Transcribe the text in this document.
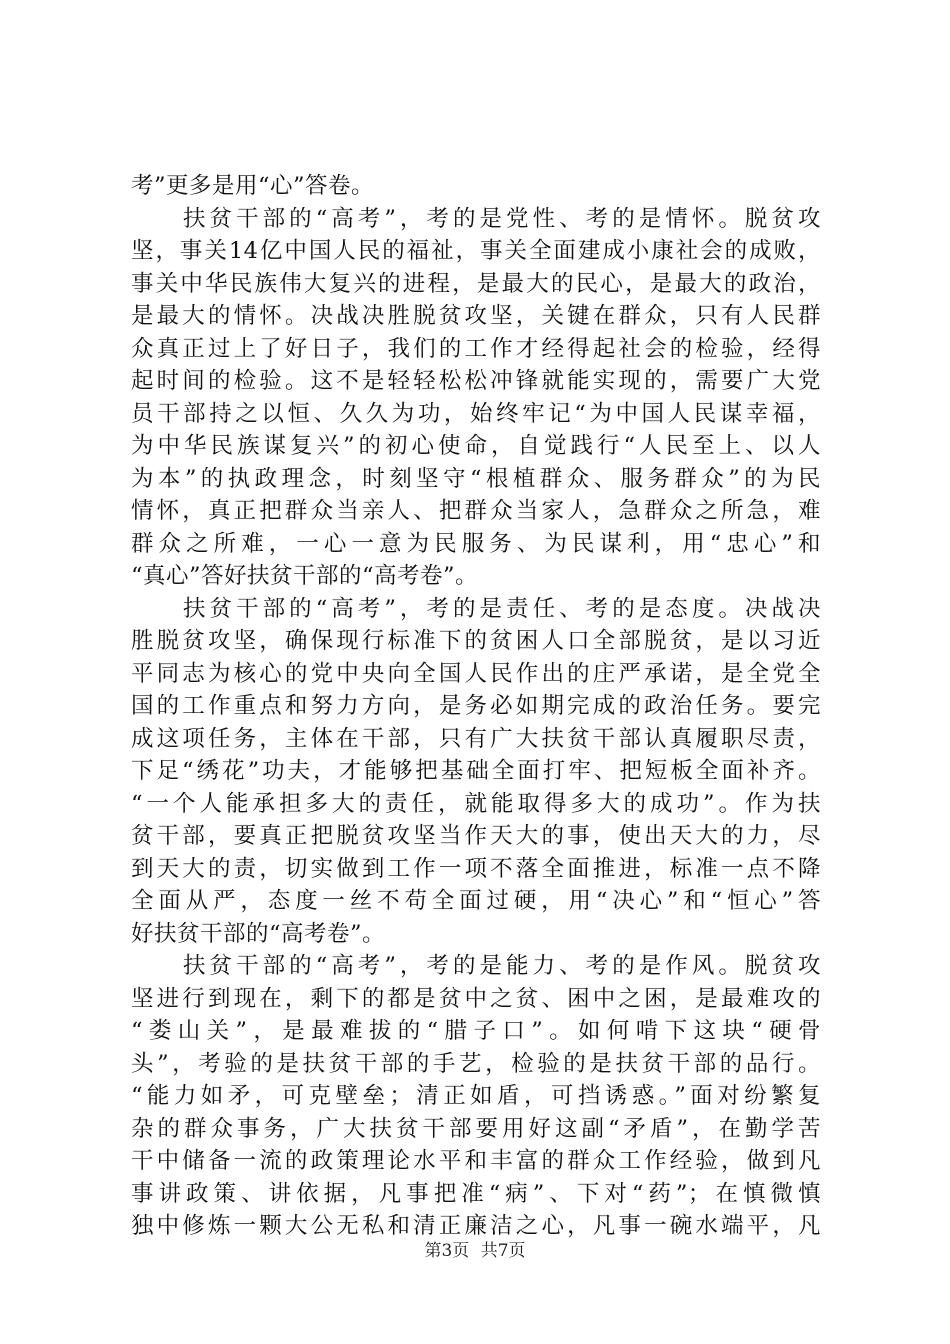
考”更多是用“心”答卷。
扶贫干部的“高考”，考的是党性、考的是情怀。脱贫攻
坚，事关14亿中国人民的福祉，事关全面建成小康社会的成败，
事关中华民族伟大复兴的进程，是最大的民心，是最大的政治，
是最大的情怀。决战决胜脱贫攻坚，关键在群众，只有人民群
众真正过上了好日子，我们的工作才经得起社会的检验，经得
起时间的检验。这不是轻轻松松冲锋就能实现的，需要广大党
员干部持之以恒、久久为功，始终牢记“为中国人民谋幸福，
为中华民族谋复兴”的初心使命，自觉践行“人民至上、以人
为本”的执政理念，时刻坚守“根植群众、服务群众”的为民
情怀，真正把群众当亲人、把群众当家人，急群众之所急，难
群众之所难，一心一意为民服务、为民谋利，用“忠心”和
“真心”答好扶贫干部的“高考卷”。
扶贫干部的“高考”，考的是责任、考的是态度。决战决
胜脱贫攻坚，确保现行标准下的贫困人口全部脱贫，是以习近
平同志为核心的党中央向全国人民作出的庄严承诺，是全党全
国的工作重点和努力方向，是务必如期完成的政治任务。要完
成这项任务，主体在干部，只有广大扶贫干部认真履职尽责，
下足“绣花”功夫，才能够把基础全面打牢、把短板全面补齐。
“一个人能承担多大的责任，就能取得多大的成功”。作为扶
贫干部，要真正把脱贫攻坚当作天大的事，使出天大的力，尽
到天大的责，切实做到工作一项不落全面推进，标准一点不降
全面从严，态度一丝不苟全面过硬，用“决心”和“恒心”答
好扶贫干部的“高考卷”。
扶贫干部的“高考”，考的是能力、考的是作风。脱贫攻
坚进行到现在，剩下的都是贫中之贫、困中之困，是最难攻的
“娄山关”，是最难拔的“腊子口”。如何啃下这块“硬骨
头”，考验的是扶贫干部的手艺，检验的是扶贫干部的品行。
“能力如矛，可克壁垒；清正如盾，可挡诱惑。”面对纷繁复
杂的群众事务，广大扶贫干部要用好这副“矛盾”，在勤学苦
干中储备一流的政策理论水平和丰富的群众工作经验，做到凡
事讲政策、讲依据，凡事把准“病”、下对“药”；在慎微慎
独中修炼一颗大公无私和清正廉洁之心，凡事一碗水端平，凡
第3页 共7页
